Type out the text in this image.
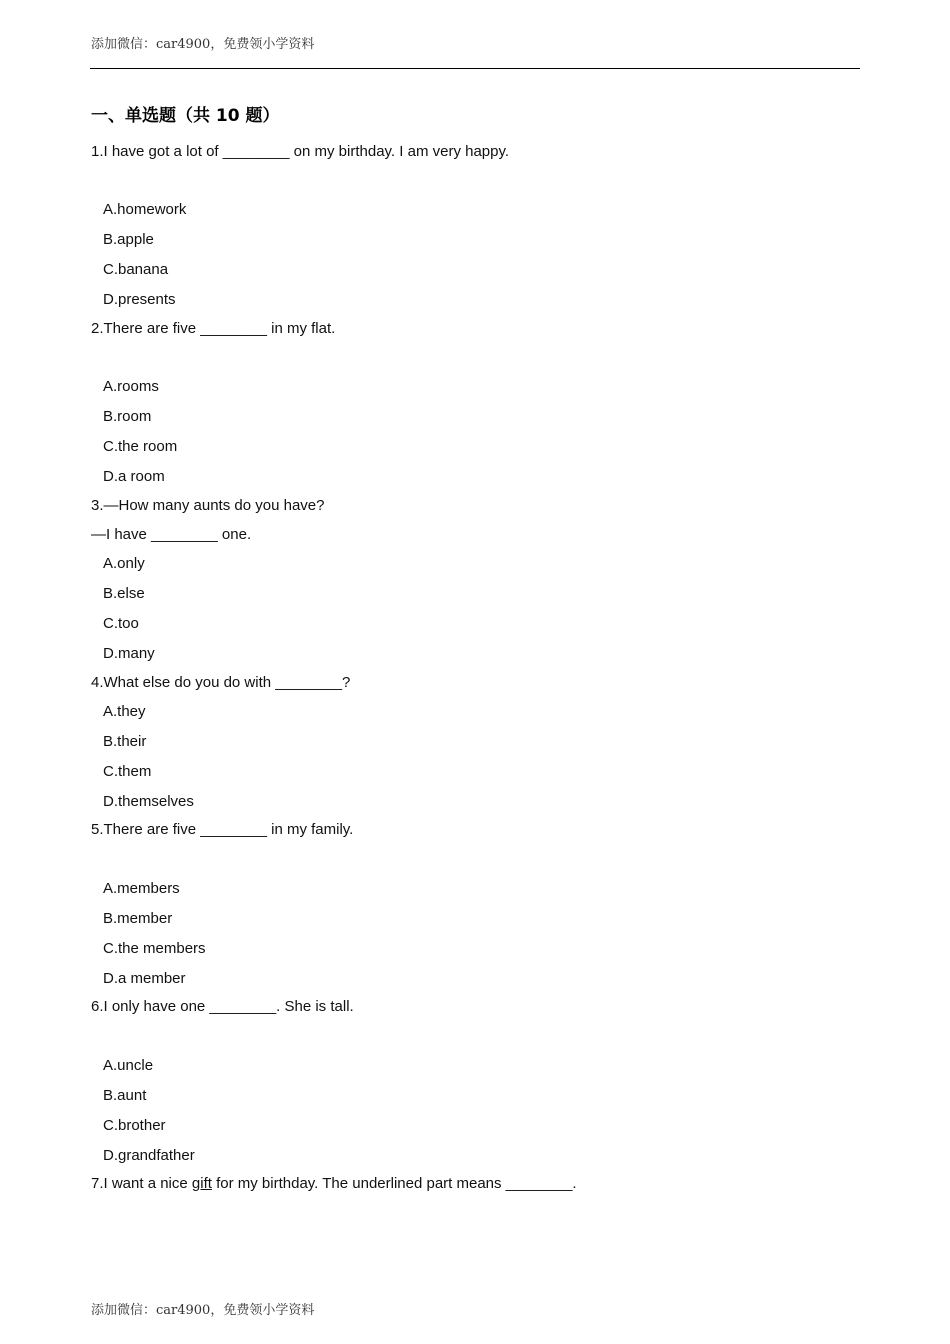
添加微信：car4900，免费领小学资料
一、单选题（共 10 题）
1.I have got a lot of ________ on my birthday. I am very happy.
A.homework
B.apple
C.banana
D.presents
2.There are five ________ in my flat.
A.rooms
B.room
C.the room
D.a room
3.—How many aunts do you have?
—I have ________ one.
A.only
B.else
C.too
D.many
4.What else do you do with ________?
A.they
B.their
C.them
D.themselves
5.There are five ________ in my family.
A.members
B.member
C.the members
D.a member
6.I only have one ________. She is tall.
A.uncle
B.aunt
C.brother
D.grandfather
7.I want a nice gift for my birthday. The underlined part means ________.
添加微信：car4900，免费领小学资料
